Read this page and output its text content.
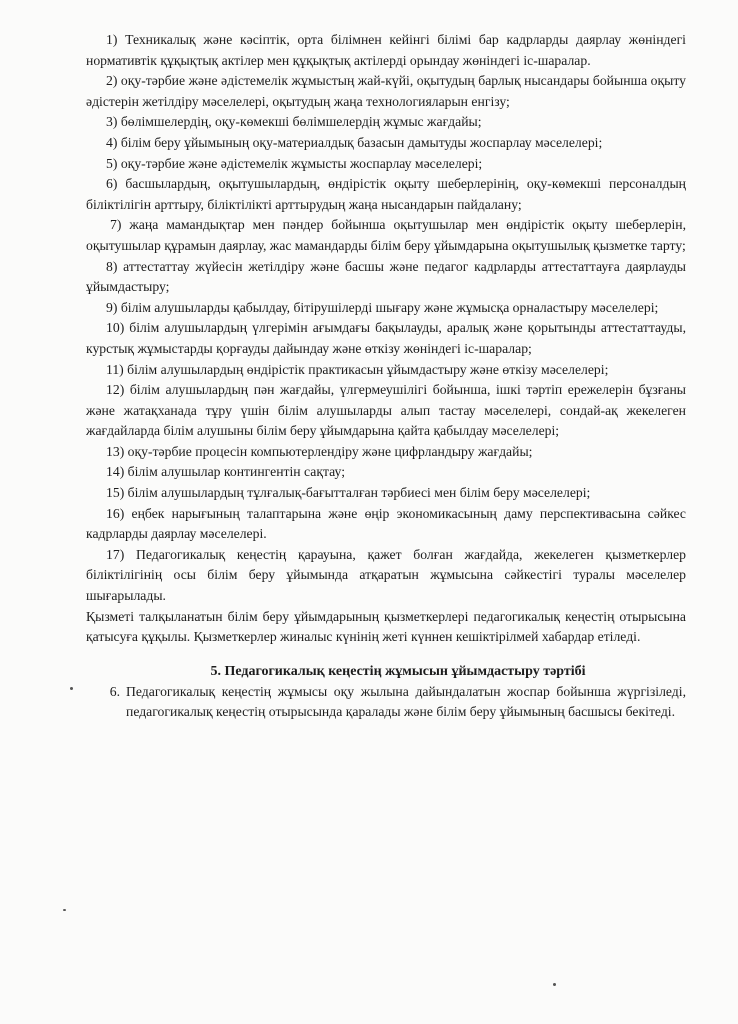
1) Техникалық және кәсіптік, орта білімнен кейінгі білімі бар кадрларды даярлау жөніндегі нормативтік құқықтық актілер мен құқықтық актілерді орындау жөніндегі іс-шаралар.

2) оқу-тәрбие және әдістемелік жұмыстың жай-күйі, оқытудың барлық нысандары бойынша оқыту әдістерін жетілдіру мәселелері, оқытудың жаңа технологияларын енгізу;

3) бөлімшелердің, оқу-көмекші бөлімшелердің жұмыс жағдайы;

4) білім беру ұйымының оқу-материалдық базасын дамытуды жоспарлау мәселелері;

5) оқу-тәрбие және әдістемелік жұмысты жоспарлау мәселелері;

6) басшылардың, оқытушылардың, өндірістік оқыту шеберлерінің, оқу-көмекші персоналдың біліктілігін арттыру, біліктілікті арттырудың жаңа нысандарын пайдалану;

7) жаңа мамандықтар мен пәндер бойынша оқытушылар мен өндірістік оқыту шеберлерін, оқытушылар құрамын даярлау, жас мамандарды білім беру ұйымдарына оқытушылық қызметке тарту;

8) аттестаттау жүйесін жетілдіру және басшы және педагог кадрларды аттестаттауға даярлауды ұйымдастыру;

9) білім алушыларды қабылдау, бітірушілерді шығару және жұмысқа орналастыру мәселелері;

10) білім алушылардың үлгерімін ағымдағы бақылауды, аралық және қорытынды аттестаттауды, курстық жұмыстарды қорғауды дайындау және өткізу жөніндегі іс-шаралар;

11) білім алушылардың өндірістік практикасын ұйымдастыру және өткізу мәселелері;

12) білім алушылардың пән жағдайы, үлгермеушілігі бойынша, ішкі тәртіп ережелерін бұзғаны және жатақханада тұру үшін білім алушыларды алып тастау мәселелері, сондай-ақ жекелеген жағдайларда білім алушыны білім беру ұйымдарына қайта қабылдау мәселелері;

13) оқу-тәрбие процесін компьютерлендіру және цифрландыру жағдайы;

14) білім алушылар контингентін сақтау;

15) білім алушылардың тұлғалық-бағытталған тәрбиесі мен білім беру мәселелері;

16) еңбек нарығының талаптарына және өңір экономикасының даму перспективасына сәйкес кадрларды даярлау мәселелері.

17) Педагогикалық кеңестің қарауына, қажет болған жағдайда, жекелеген қызметкерлер біліктілігінің осы білім беру ұйымында атқаратын жұмысына сәйкестігі туралы мәселелер шығарылады.

Қызметі талқыланатын білім беру ұйымдарының қызметкерлері педагогикалық кеңестің отырысына қатысуға құқылы. Қызметкерлер жиналыс күнінің жеті күннен кешіктірілмей хабардар етіледі.

5. Педагогикалық кеңестің жұмысын ұйымдастыру тәртібі
6. Педагогикалық кеңестің жұмысы оқу жылына дайындалатын жоспар бойынша жүргізіледі, педагогикалық кеңестің отырысында қаралады және білім беру ұйымының басшысы бекітеді.
